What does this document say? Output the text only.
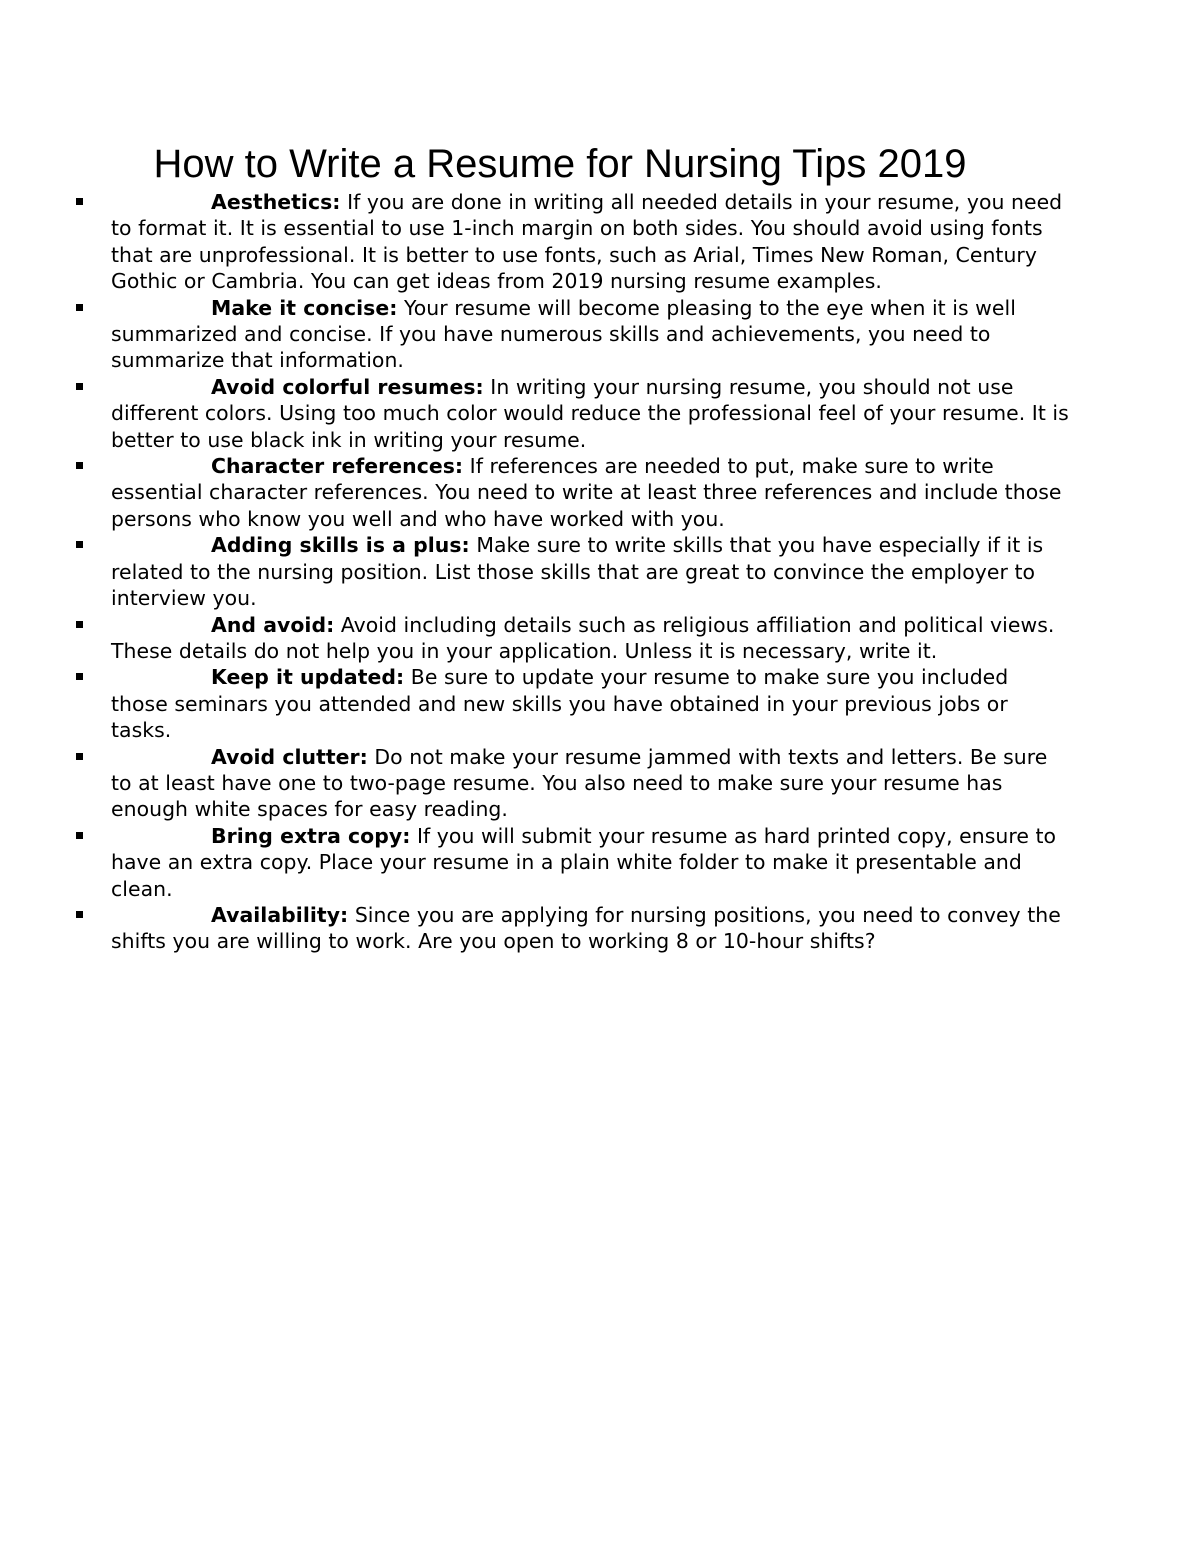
How to Write a Resume for Nursing Tips 2019
Aesthetics: If you are done in writing all needed details in your resume, you need to format it. It is essential to use 1-inch margin on both sides. You should avoid using fonts that are unprofessional. It is better to use fonts, such as Arial, Times New Roman, Century Gothic or Cambria. You can get ideas from 2019 nursing resume examples.
Make it concise: Your resume will become pleasing to the eye when it is well summarized and concise. If you have numerous skills and achievements, you need to summarize that information.
Avoid colorful resumes: In writing your nursing resume, you should not use different colors. Using too much color would reduce the professional feel of your resume. It is better to use black ink in writing your resume.
Character references: If references are needed to put, make sure to write essential character references. You need to write at least three references and include those persons who know you well and who have worked with you.
Adding skills is a plus: Make sure to write skills that you have especially if it is related to the nursing position. List those skills that are great to convince the employer to interview you.
And avoid: Avoid including details such as religious affiliation and political views. These details do not help you in your application. Unless it is necessary, write it.
Keep it updated: Be sure to update your resume to make sure you included those seminars you attended and new skills you have obtained in your previous jobs or tasks.
Avoid clutter: Do not make your resume jammed with texts and letters. Be sure to at least have one to two-page resume. You also need to make sure your resume has enough white spaces for easy reading.
Bring extra copy: If you will submit your resume as hard printed copy, ensure to have an extra copy. Place your resume in a plain white folder to make it presentable and clean.
Availability: Since you are applying for nursing positions, you need to convey the shifts you are willing to work. Are you open to working 8 or 10-hour shifts?
